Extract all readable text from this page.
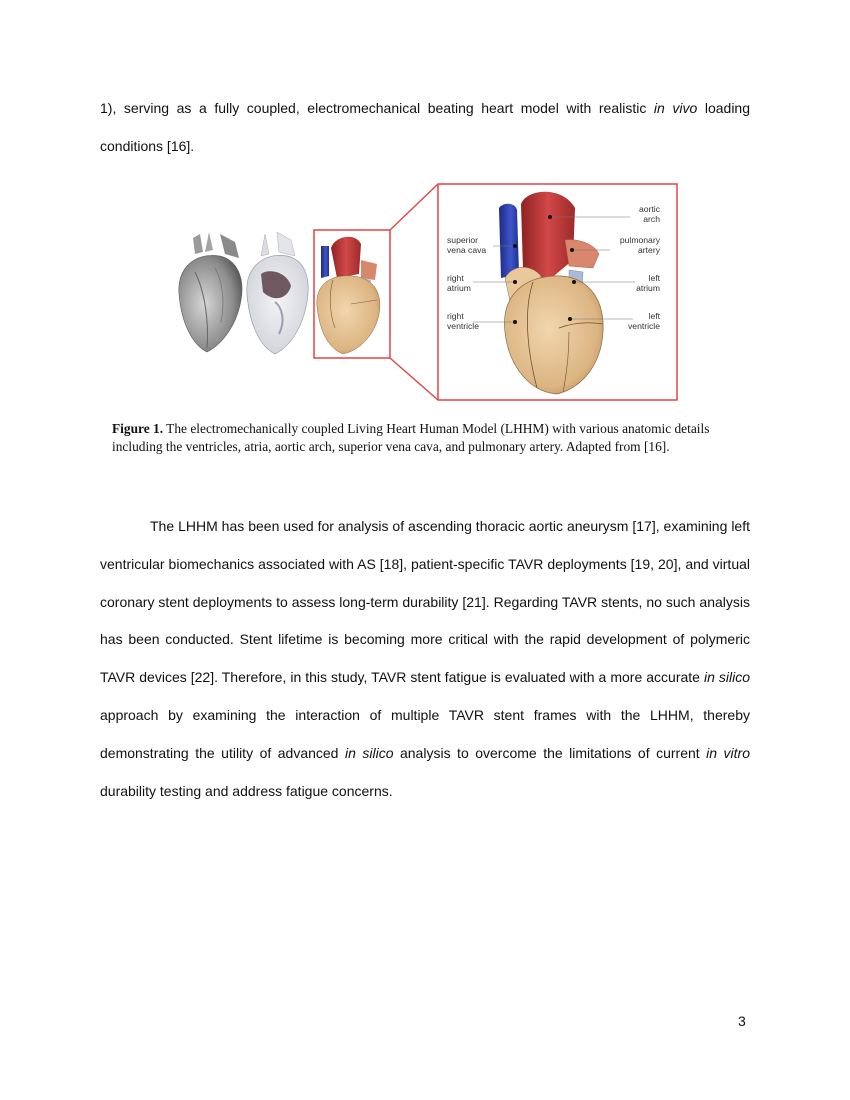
1), serving as a fully coupled, electromechanical beating heart model with realistic in vivo loading
conditions [16].
aortic
arch
pulmonary
artery
superior
vena cava
right
atrium
left
atrium
right
ventricle
left
ventricle

Figure 1. The electromechanically coupled Living Heart Human Model (LHHM) with various anatomic details including the ventricles, atria, aortic arch, superior vena cava, and pulmonary artery. Adapted from [16].

The LHHM has been used for analysis of ascending thoracic aortic aneurysm [17], examining left
ventricular biomechanics associated with AS [18], patient-specific TAVR deployments [19, 20], and virtual
coronary stent deployments to assess long-term durability [21]. Regarding TAVR stents, no such analysis
has been conducted. Stent lifetime is becoming more critical with the rapid development of polymeric
TAVR devices [22]. Therefore, in this study, TAVR stent fatigue is evaluated with a more accurate in silico
approach by examining the interaction of multiple TAVR stent frames with the LHHM, thereby
demonstrating the utility of advanced in silico analysis to overcome the limitations of current in vitro
durability testing and address fatigue concerns.
3
